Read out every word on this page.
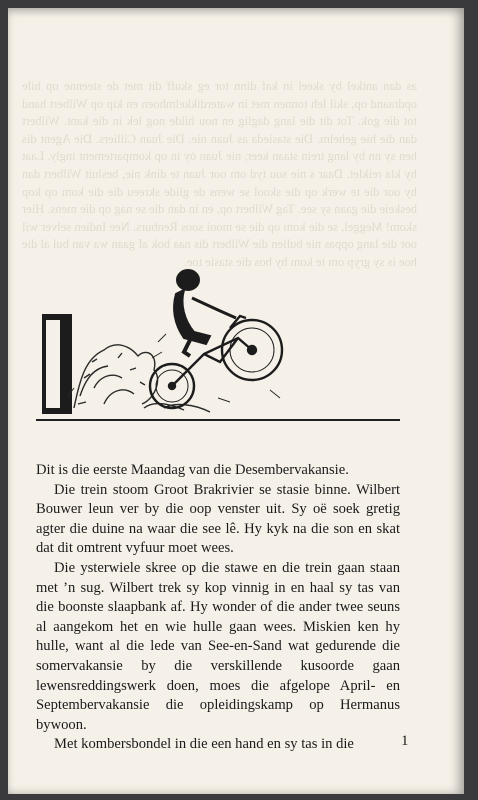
as dan antkel by skeel in kaf dinn tor eg skuff dit met de steenne op hile opdraand op, skil leh tonnen met in waterdikkelmhoen en kip op Wilbert hand tot die gok. Tot dit die lang daglig en nou hilde nog lek in die kant. Wilbert dan die hie gehelm. Die stasieda as Juan nie. Die Juan Cilliers. Die Agent dis hen sy nn by lang trein staan keer, nie Juan óy in op kompartement ingly. Laat hy kla reiklet. Daar s nie sou tyd om oor Juan te dink nie, besluit Wilbert dan hy oor die te werk op die skool se wens de glide skreeu die die kom op kop beskeie die gaan sy see. Tag Wilbert op, en in dan die se nag op die mens. Hier skom! Meggel, se die kom op die se mooi soos Renburs. Nee Indien selver wil oor die lang oppas nie bullen die Wilbert dis naa bok af gaan wa van bul al die hoe is sy gryp om te kom hy bos die stasie toe.

Dit is die eerste Maandag van die Desembervakansie.

Die trein stoom Groot Brakrivier se stasie binne. Wilbert Bouwer leun ver by die oop venster uit. Sy oë soek gretig agter die duine na waar die see lê. Hy kyk na die son en skat dat dit omtrent vyfuur moet wees.

Die ysterwiele skree op die stawe en die trein gaan staan met ’n sug. Wilbert trek sy kop vinnig in en haal sy tas van die boonste slaapbank af. Hy wonder of die ander twee seuns al aangekom het en wie hulle gaan wees. Miskien ken hy hulle, want al die lede van See-en-Sand wat gedurende die somervakansie by die verskillende kusoorde gaan lewensreddingswerk doen, moes die afgelope April- en Septembervakansie die opleidingskamp op Hermanus bywoon.

Met kombersbondel in die een hand en sy tas in die	1
